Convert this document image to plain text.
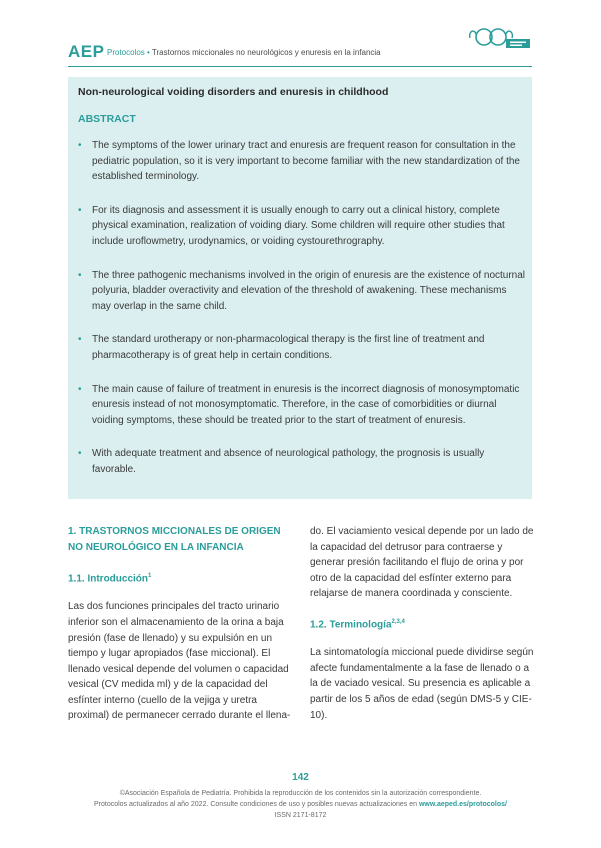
AEP Protocolos • Trastornos miccionales no neurológicos y enuresis en la infancia
Non-neurological voiding disorders and enuresis in childhood
ABSTRACT
• The symptoms of the lower urinary tract and enuresis are frequent reason for consultation in the pediatric population, so it is very important to become familiar with the new standardization of the established terminology.
• For its diagnosis and assessment it is usually enough to carry out a clinical history, complete physical examination, realization of voiding diary. Some children will require other studies that include uroflowmetry, urodynamics, or voiding cystourethrography.
• The three pathogenic mechanisms involved in the origin of enuresis are the existence of nocturnal polyuria, bladder overactivity and elevation of the threshold of awakening. These mechanisms may overlap in the same child.
• The standard urotherapy or non-pharmacological therapy is the first line of treatment and pharmacotherapy is of great help in certain conditions.
• The main cause of failure of treatment in enuresis is the incorrect diagnosis of monosymptomatic enuresis instead of not monosymptomatic. Therefore, in the case of comorbidities or diurnal voiding symptoms, these should be treated prior to the start of treatment of enuresis.
• With adequate treatment and absence of neurological pathology, the prognosis is usually favorable.
1. TRASTORNOS MICCIONALES DE ORIGEN NO NEUROLÓGICO EN LA INFANCIA
1.1. Introducción$^1$

Las dos funciones principales del tracto urinario inferior son el almacenamiento de la orina a baja presión (fase de llenado) y su expulsión en un tiempo y lugar apropiados (fase miccional). El llenado vesical depende del volumen o capacidad vesical (CV medida ml) y de la capacidad del esfínter interno (cuello de la vejiga y uretra proximal) de permanecer cerrado durante el llena-

do. El vaciamiento vesical depende por un lado de la capacidad del detrusor para contraerse y generar presión facilitando el flujo de orina y por otro de la capacidad del esfínter externo para relajarse de manera coordinada y consciente.

1.2. Terminología$^{2,3,4}$

La sintomatología miccional puede dividirse según afecte fundamentalmente a la fase de llenado o a la de vaciado vesical. Su presencia es aplicable a partir de los 5 años de edad (según DMS-5 y CIE-10).

142
©Asociación Española de Pediatría. Prohibida la reproducción de los contenidos sin la autorización correspondiente.
Protocolos actualizados al año 2022. Consulte condiciones de uso y posibles nuevas actualizaciones en www.aeped.es/protocolos/
ISSN 2171-8172
